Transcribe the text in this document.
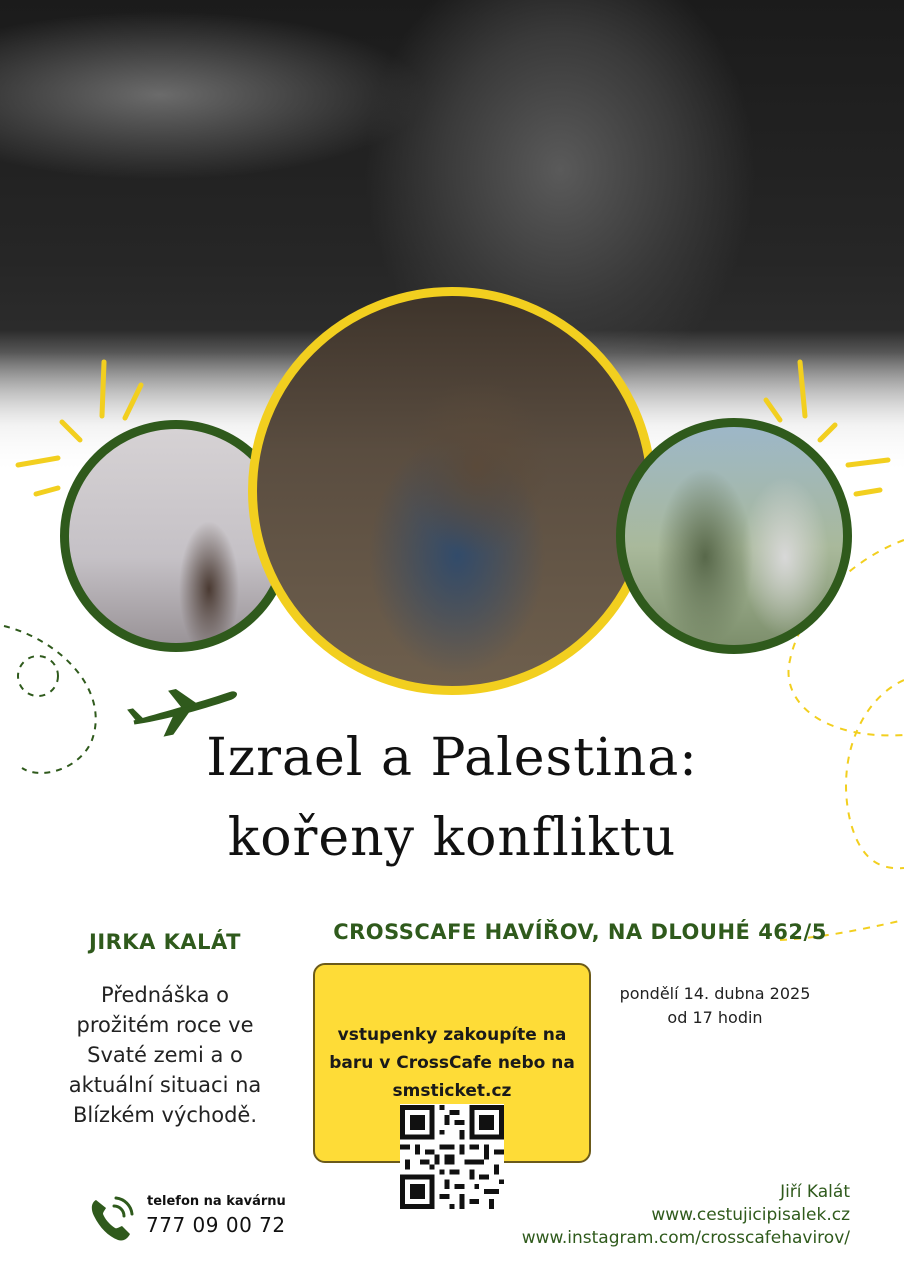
Izrael a Palestina:
kořeny konfliktu
JIRKA KALÁT
Přednáška o
prožitém roce ve
Svaté zemi a o
aktuální situaci na
Blízkém východě.
CROSSCAFE HAVÍŘOV, NA DLOUHÉ 462/5
vstupenky zakoupíte na
baru v CrossCafe nebo na
smsticket.cz
pondělí 14. dubna 2025
od 17 hodin
telefon na kavárnu
777 09 00 72
Jiří Kalát
www.cestujicipisalek.cz
www.instagram.com/crosscafehavirov/
